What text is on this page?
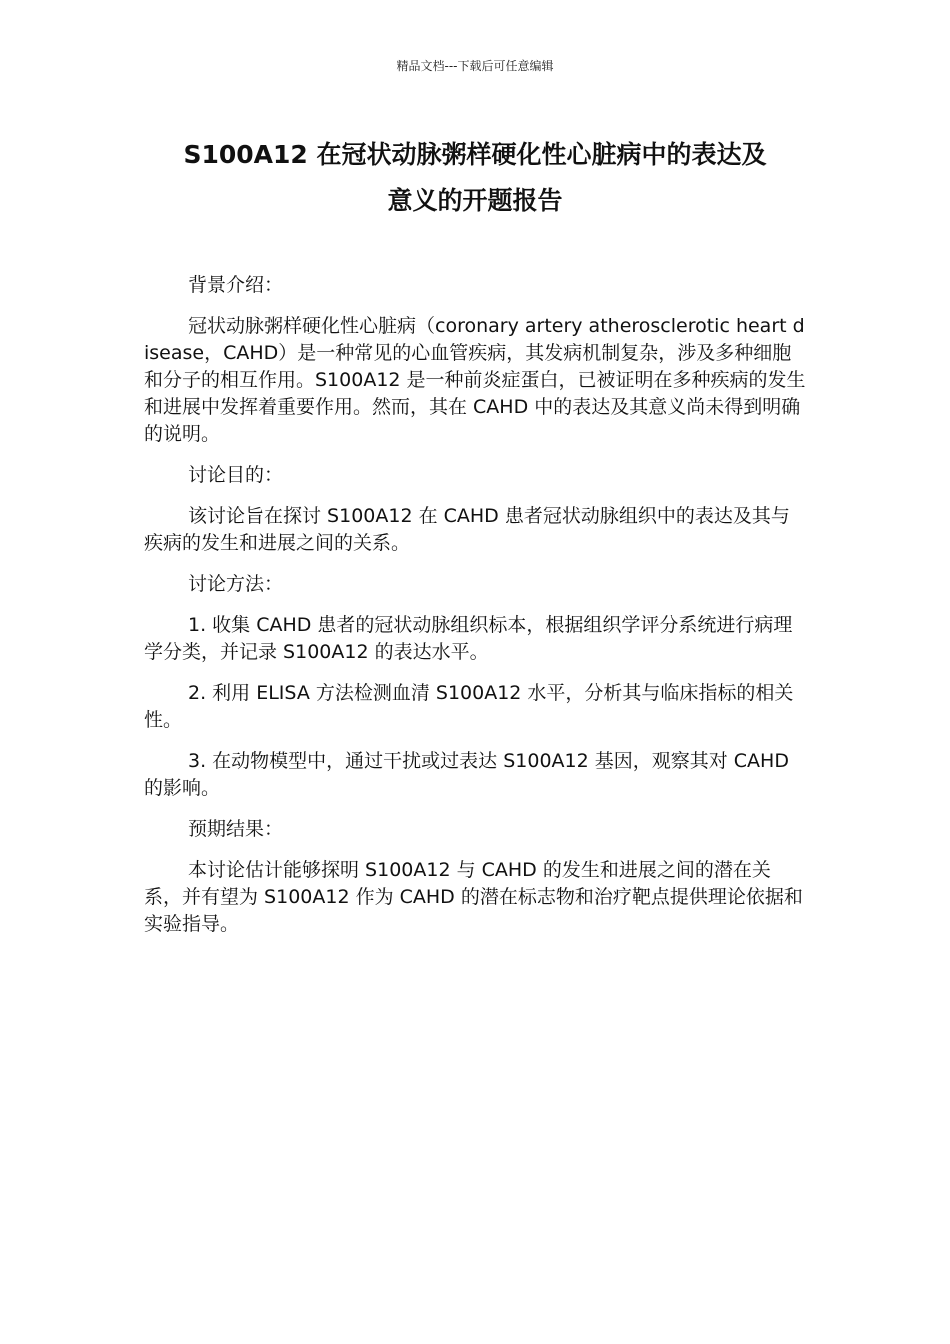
精品文档---下载后可任意编辑
S100A12 在冠状动脉粥样硬化性心脏病中的表达及
意义的开题报告

背景介绍：

冠状动脉粥样硬化性心脏病（coronary artery atherosclerotic heart disease，CAHD）是一种常见的心血管疾病，其发病机制复杂，涉及多种细胞和分子的相互作用。S100A12 是一种前炎症蛋白，已被证明在多种疾病的发生和进展中发挥着重要作用。然而，其在 CAHD 中的表达及其意义尚未得到明确的说明。

讨论目的：

该讨论旨在探讨 S100A12 在 CAHD 患者冠状动脉组织中的表达及其与疾病的发生和进展之间的关系。

讨论方法：

1. 收集 CAHD 患者的冠状动脉组织标本，根据组织学评分系统进行病理学分类，并记录 S100A12 的表达水平。

2. 利用 ELISA 方法检测血清 S100A12 水平，分析其与临床指标的相关性。

3. 在动物模型中，通过干扰或过表达 S100A12 基因，观察其对 CAHD 的影响。

预期结果：

本讨论估计能够探明 S100A12 与 CAHD 的发生和进展之间的潜在关系，并有望为 S100A12 作为 CAHD 的潜在标志物和治疗靶点提供理论依据和实验指导。
